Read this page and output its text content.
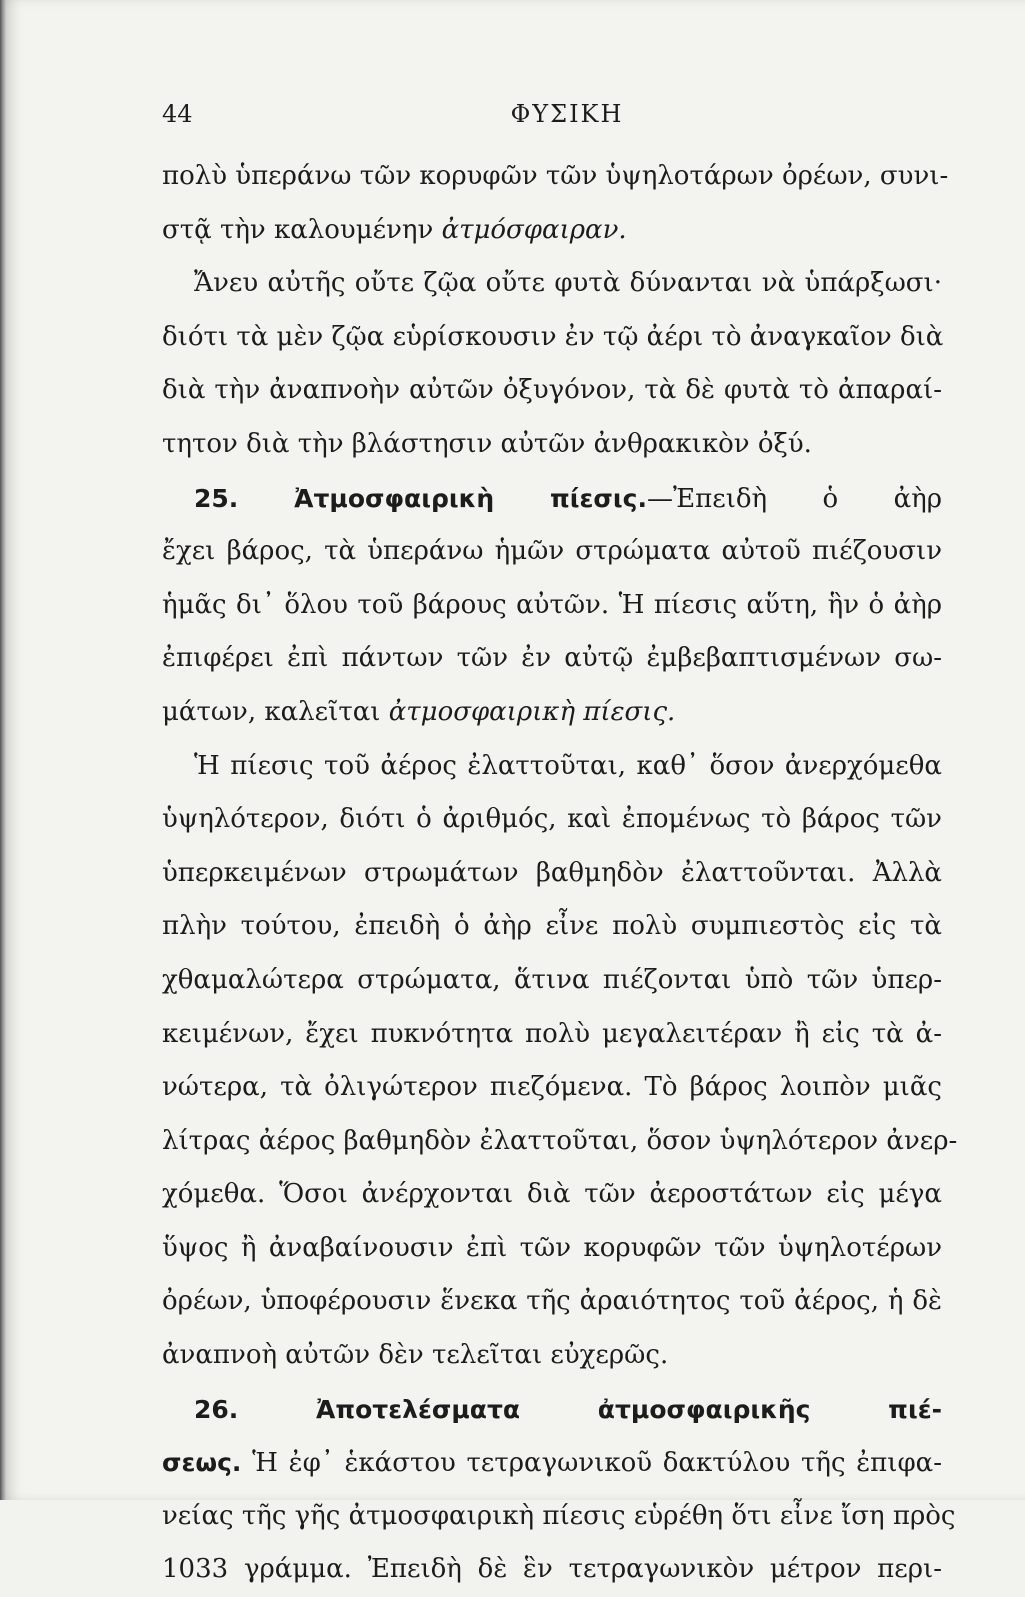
44	ΦΥΣΙΚΗ
πολὺ ὑπεράνω τῶν κορυφῶν τῶν ὑψηλοτάρων ὀρέων, συνι-
στᾷ τὴν καλουμένην ἀτμόσφαιραν.
Ἄνευ αὐτῆς οὔτε ζῷα οὔτε φυτὰ δύνανται νὰ ὑπάρξωσι·
διότι τὰ μὲν ζῷα εὑρίσκουσιν ἐν τῷ ἀέρι τὸ ἀναγκαῖον διὰ
διὰ τὴν ἀναπνοὴν αὐτῶν ὀξυγόνον, τὰ δὲ φυτὰ τὸ ἀπαραί-
τητον διὰ τὴν βλάστησιν αὐτῶν ἀνθρακικὸν ὀξύ.
25. Ἀτμοσφαιρικὴ πίεσις.—Ἐπειδὴ ὁ ἀὴρ
ἔχει βάρος, τὰ ὑπεράνω ἡμῶν στρώματα αὐτοῦ πιέζουσιν
ἡμᾶς δι᾽ ὅλου τοῦ βάρους αὐτῶν. Ἡ πίεσις αὕτη, ἣν ὁ ἀὴρ
ἐπιφέρει ἐπὶ πάντων τῶν ἐν αὐτῷ ἐμβεβαπτισμένων σω-
μάτων, καλεῖται ἀτμοσφαιρικὴ πίεσις.
Ἡ πίεσις τοῦ ἀέρος ἐλαττοῦται, καθ᾽ ὅσον ἀνερχόμεθα
ὑψηλότερον, διότι ὁ ἀριθμός, καὶ ἐπομένως τὸ βάρος τῶν
ὑπερκειμένων στρωμάτων βαθμηδὸν ἐλαττοῦνται. Ἀλλὰ
πλὴν τούτου, ἐπειδὴ ὁ ἀὴρ εἶνε πολὺ συμπιεστὸς εἰς τὰ
χθαμαλώτερα στρώματα, ἅτινα πιέζονται ὑπὸ τῶν ὑπερ-
κειμένων, ἔχει πυκνότητα πολὺ μεγαλειτέραν ἢ εἰς τὰ ἀ-
νώτερα, τὰ ὀλιγώτερον πιεζόμενα. Τὸ βάρος λοιπὸν μιᾶς
λίτρας ἀέρος βαθμηδὸν ἐλαττοῦται, ὅσον ὑψηλότερον ἀνερ-
χόμεθα. Ὅσοι ἀνέρχονται διὰ τῶν ἀεροστάτων εἰς μέγα
ὕψος ἢ ἀναβαίνουσιν ἐπὶ τῶν κορυφῶν τῶν ὑψηλοτέρων
ὀρέων, ὑποφέρουσιν ἕνεκα τῆς ἀραιότητος τοῦ ἀέρος, ἡ δὲ
ἀναπνοὴ αὐτῶν δὲν τελεῖται εὐχερῶς.
26. Ἀποτελέσματα ἀτμοσφαιρικῆς πιέ-
σεως. Ἡ ἐφ᾽ ἑκάστου τετραγωνικοῦ δακτύλου τῆς ἐπιφα-
νείας τῆς γῆς ἀτμοσφαιρικὴ πίεσις εὑρέθη ὅτι εἶνε ἴση πρὸς
1033 γράμμα. Ἐπειδὴ δὲ ἓν τετραγωνικὸν μέτρον περι-
